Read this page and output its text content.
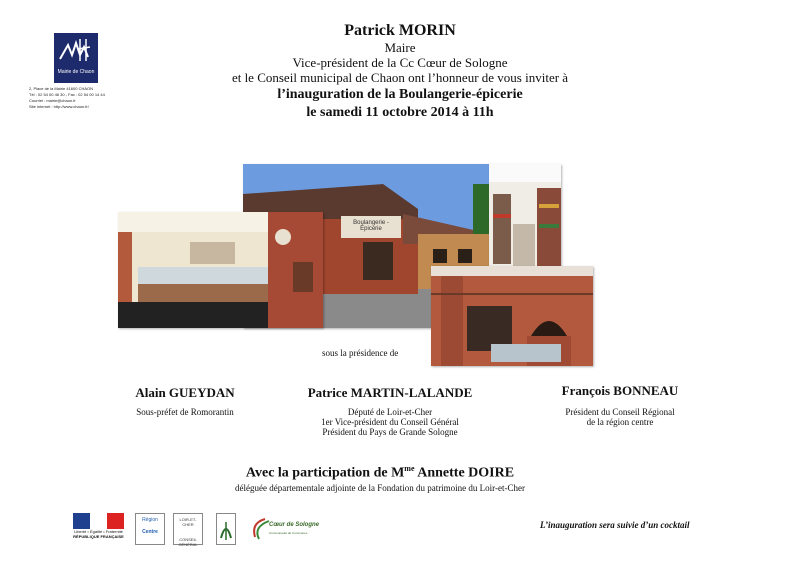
Mairie de Chaon
2, Place de la Mairie 41600 CHAON
Tél : 02 54 00 46 30 - Fax : 02 54 00 14 44
Courriel : mairie@chaon.fr
Site internet : http://www.chaon.fr/
Patrick MORIN
Maire
Vice-président de la Cc Cœur de Sologne
et le Conseil municipal de Chaon ont l’honneur de vous inviter à
l’inauguration de la Boulangerie-épicerie
le samedi 11 octobre 2014 à 11h
Boulangerie - Épicerie
sous la présidence de
Alain GUEYDAN
Sous-préfet de Romorantin
Patrice MARTIN-LALANDE
Député de Loir-et-Cher
1er Vice-président du Conseil Général
Président du Pays de Grande Sologne
François BONNEAU
Président du Conseil Régional
de la région centre
Avec la participation de $M^{me}$ Annette DOIRE
déléguée départementale adjointe de la Fondation du patrimoine du Loir-et-Cher
Liberté • Égalité • Fraternité
RÉPUBLIQUE FRANÇAISE
Région
Centre
LOIR-ET-CHER
CONSEIL GÉNÉRAL
Cœur de Sologne
Communauté de Communes
L’inauguration sera suivie d’un cocktail
